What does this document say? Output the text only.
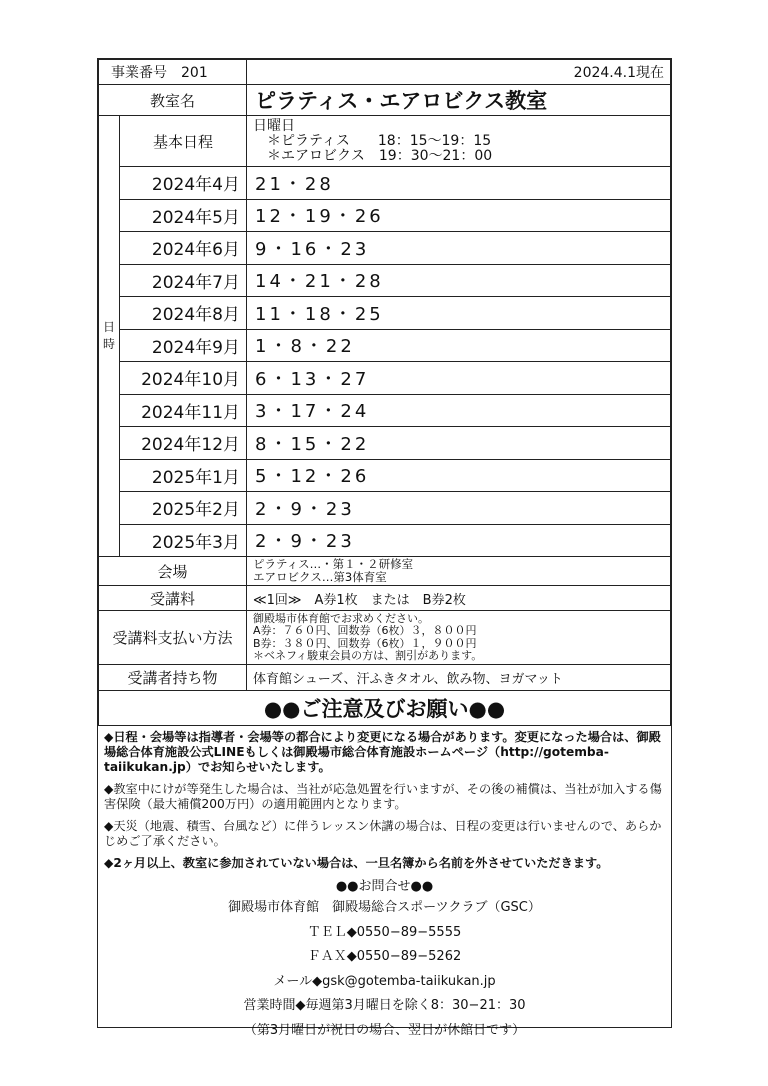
事業番号　201		2024.4.1現在
教室名		ピラティス・エアロビクス教室
日時	基本日程	日曜日
　＊ピラティス　　18：15〜19：15
　＊エアロビクス　19：30〜21：00

	2024年4月	21・28
	2024年5月	12・19・26
	2024年6月	9・16・23
	2024年7月	14・21・28
	2024年8月	11・18・25
	2024年9月	1・8・22
	2024年10月	6・13・27
	2024年11月	3・17・24
	2024年12月	8・15・22
	2025年1月	5・12・26
	2025年2月	2・9・23
	2025年3月	2・9・23
会場		ピラティス…・第１・２研修室
エアロビクス…第3体育室

受講料		≪1回≫　A券1枚　または　B券2枚
受講料支払い方法		御殿場市体育館でお求めください。
A券：７６０円、回数券（6枚）３，８００円
B券：３８０円、回数券（6枚）１，９００円
＊ベネフィ駿東会員の方は、割引があります。

受講者持ち物		体育館シューズ、汗ふきタオル、飲み物、ヨガマット
●●ご注意及びお願い●●		

◆日程・会場等は指導者・会場等の都合により変更になる場合があります。変更になった場合は、御殿場総合体育施設公式LINEもしくは御殿場市総合体育施設ホームページ（http://gotemba-taiikukan.jp）でお知らせいたします。

◆教室中にけが等発生した場合は、当社が応急処置を行いますが、その後の補償は、当社が加入する傷害保険（最大補償200万円）の適用範囲内となります。

◆天災（地震、積雪、台風など）に伴うレッスン休講の場合は、日程の変更は行いませんので、あらかじめご了承ください。

◆2ヶ月以上、教室に参加されていない場合は、一旦名簿から名前を外させていただきます。

●●お問合せ●●
御殿場市体育館　御殿場総合スポーツクラブ（GSC）
ＴＥＬ◆0550−89−5555
ＦＡＸ◆0550−89−5262
メール◆gsk@gotemba-taiikukan.jp
営業時間◆毎週第3月曜日を除く8：30−21：30
（第3月曜日が祝日の場合、翌日が休館日です）
